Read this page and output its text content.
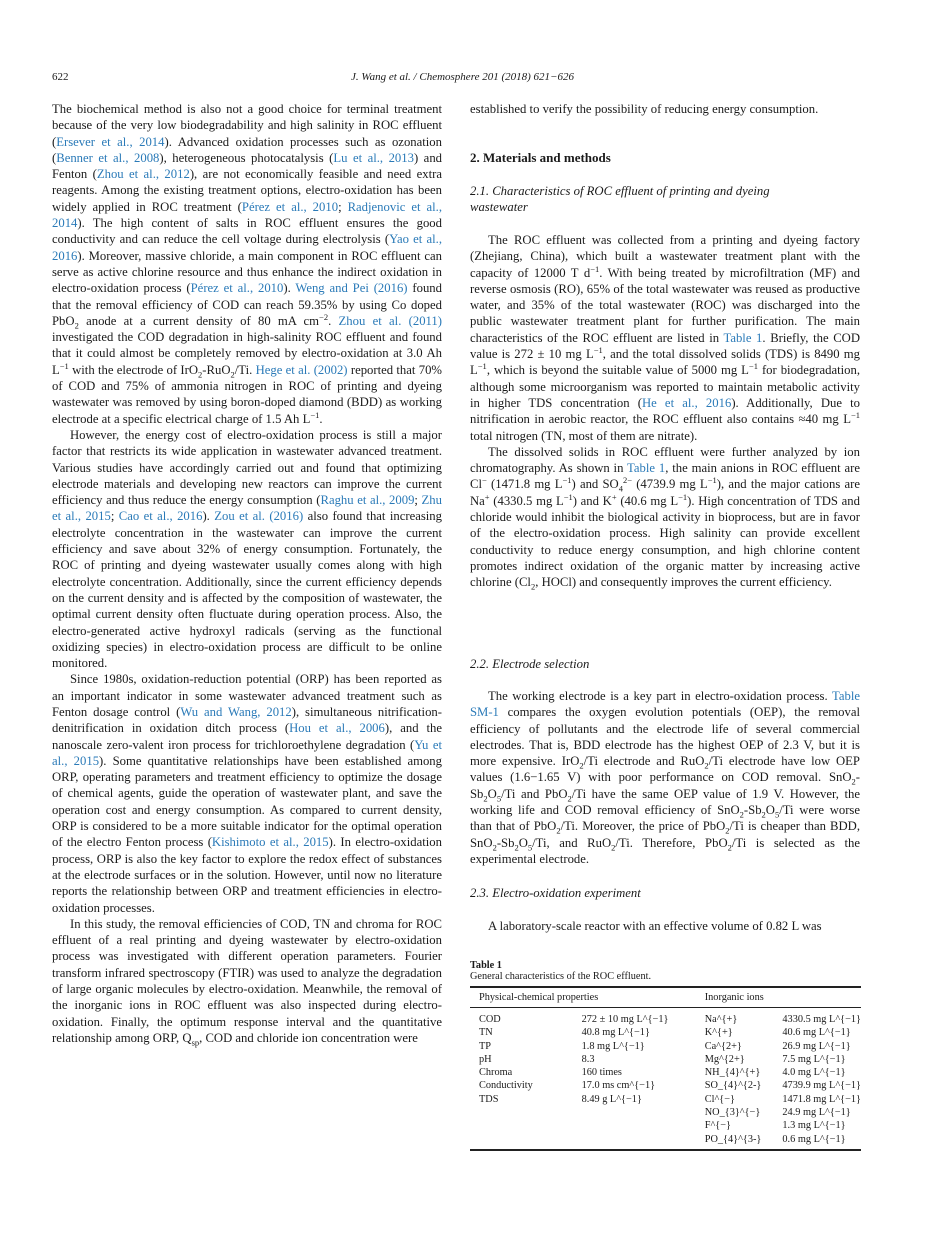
622	J. Wang et al. / Chemosphere 201 (2018) 621−626

The biochemical method is also not a good choice for terminal treatment because of the very low biodegradability and high salinity in ROC effluent (Ersever et al., 2014). Advanced oxidation processes such as ozonation (Benner et al., 2008), heterogeneous photocatalysis (Lu et al., 2013) and Fenton (Zhou et al., 2012), are not economically feasible and need extra reagents. Among the existing treatment options, electro-oxidation has been widely applied in ROC treatment (Pérez et al., 2010; Radjenovic et al., 2014). The high content of salts in ROC effluent ensures the good conductivity and can reduce the cell voltage during electrolysis (Yao et al., 2016). Moreover, massive chloride, a main component in ROC effluent can serve as active chlorine resource and thus enhance the indirect oxidation in electro-oxidation process (Pérez et al., 2010). Weng and Pei (2016) found that the removal efficiency of COD can reach 59.35% by using Co doped PbO$_2$ anode at a current density of 80 mA $cm^{-2}$. Zhou et al. (2011) investigated the COD degradation in high-salinity ROC effluent and found that it could almost be completely removed by electro-oxidation at 3.0 Ah $L^{-1}$ with the electrode of IrO$_2$-RuO$_2$/Ti. Hege et al. (2002) reported that 70% of COD and 75% of ammonia nitrogen in ROC of printing and dyeing wastewater was removed by using boron-doped diamond (BDD) as working electrode at a specific electrical charge of 1.5 Ah $L^{-1}$.

However, the energy cost of electro-oxidation process is still a major factor that restricts its wide application in wastewater advanced treatment. Various studies have accordingly carried out and found that optimizing electrode materials and developing new reactors can improve the current efficiency and thus reduce the energy consumption (Raghu et al., 2009; Zhu et al., 2015; Cao et al., 2016). Zou et al. (2016) also found that increasing electrolyte concentration in the wastewater can improve the current efficiency and save about 32% of energy consumption. Fortunately, the ROC of printing and dyeing wastewater usually comes along with high electrolyte concentration. Additionally, since the current efficiency depends on the current density and is affected by the composition of wastewater, the optimal current density often fluctuate during operation process. Also, the electro-generated active hydroxyl radicals (serving as the functional oxidizing species) in electro-oxidation process are difficult to be online monitored.

Since 1980s, oxidation-reduction potential (ORP) has been reported as an important indicator in some wastewater advanced treatment such as Fenton dosage control (Wu and Wang, 2012), simultaneous nitrification-denitrification in oxidation ditch process (Hou et al., 2006), and the nanoscale zero-valent iron process for trichloroethylene degradation (Yu et al., 2015). Some quantitative relationships have been established among ORP, operating parameters and treatment efficiency to optimize the dosage of chemical agents, guide the operation of wastewater plant, and save the operation cost and energy consumption. As compared to current density, ORP is considered to be a more suitable indicator for the optimal operation of the electro Fenton process (Kishimoto et al., 2015). In electro-oxidation process, ORP is also the key factor to explore the redox effect of substances at the electrode surfaces or in the solution. However, until now no literature reports the relationship between ORP and treatment efficiencies in electro-oxidation processes.

In this study, the removal efficiencies of COD, TN and chroma for ROC effluent of a real printing and dyeing wastewater by electro-oxidation process was investigated with different operation parameters. Fourier transform infrared spectroscopy (FTIR) was used to analyze the degradation of large organic molecules by electro-oxidation. Meanwhile, the removal of the inorganic ions in ROC effluent was also inspected during electro-oxidation. Finally, the optimum response interval and the quantitative relationship among ORP, $Q_{sp}$, COD and chloride ion concentration were

established to verify the possibility of reducing energy consumption.
2. Materials and methods
2.1. Characteristics of ROC effluent of printing and dyeing wastewater

The ROC effluent was collected from a printing and dyeing factory (Zhejiang, China), which built a wastewater treatment plant with the capacity of 12000 T $d^{-1}$. With being treated by microfiltration (MF) and reverse osmosis (RO), 65% of the total wastewater was reused as productive water, and 35% of the total wastewater (ROC) was discharged into the public wastewater treatment plant for further purification. The main characteristics of the ROC effluent are listed in Table 1. Briefly, the COD value is 272 ± 10 mg $L^{-1}$, and the total dissolved solids (TDS) is 8490 mg $L^{-1}$, which is beyond the suitable value of 5000 mg $L^{-1}$ for biodegradation, although some microorganism was reported to maintain metabolic activity in higher TDS concentration (He et al., 2016). Additionally, Due to nitrification in aerobic reactor, the ROC effluent also contains ≈40 mg $L^{-1}$ total nitrogen (TN, most of them are nitrate).

The dissolved solids in ROC effluent were further analyzed by ion chromatography. As shown in Table 1, the main anions in ROC effluent are Cl− (1471.8 mg $L^{-1}$) and $SO_4^{2-}$ (4739.9 mg $L^{-1}$), and the major cations are Na+ (4330.5 mg $L^{-1}$) and K+ (40.6 mg $L^{-1}$). High concentration of TDS and chloride would inhibit the biological activity in bioprocess, but are in favor of the electro-oxidation process. High salinity can provide excellent conductivity to reduce energy consumption, and high chlorine content promotes indirect oxidation of the organic matter by increasing active chlorine ($Cl_2$, HOCl) and consequently improves the current efficiency.

2.2. Electrode selection

The working electrode is a key part in electro-oxidation process. Table SM-1 compares the oxygen evolution potentials (OEP), the removal efficiency of pollutants and the electrode life of several commercial electrodes. That is, BDD electrode has the highest OEP of 2.3 V, but it is more expensive. IrO$_2$/Ti electrode and RuO$_2$/Ti electrode have low OEP values (1.6−1.65 V) with poor performance on COD removal. $SnO_2-Sb_2O_5/Ti$ and PbO$_2$/Ti have the same OEP value of 1.9 V. However, the working life and COD removal efficiency of $SnO_2-Sb_2O_5/Ti$ were worse than that of PbO$_2$/Ti. Moreover, the price of PbO$_2$/Ti is cheaper than BDD, $SnO_2-Sb_2O_5/Ti$, and RuO$_2$/Ti. Therefore, PbO$_2$/Ti is selected as the experimental electrode.

2.3. Electro-oxidation experiment

A laboratory-scale reactor with an effective volume of 0.82 L was

Table 1
General characteristics of the ROC effluent.
Physical-chemical properties		Inorganic ions	
COD	272 ± 10 mg L^{−1}	Na^{+}	4330.5 mg L^{−1}
TN	40.8 mg L^{−1}	K^{+}	40.6 mg L^{−1}
TP	1.8 mg L^{−1}	Ca^{2+}	26.9 mg L^{−1}
pH	8.3	Mg^{2+}	7.5 mg L^{−1}
Chroma	160 times	NH_{4}^{+}	4.0 mg L^{−1}
Conductivity	17.0 ms cm^{−1}	SO_{4}^{2-}	4739.9 mg L^{−1}
TDS	8.49 g L^{−1}	Cl^{−}	1471.8 mg L^{−1}
		NO_{3}^{−}	24.9 mg L^{−1}
		F^{−}	1.3 mg L^{−1}
		PO_{4}^{3-}	0.6 mg L^{−1}
